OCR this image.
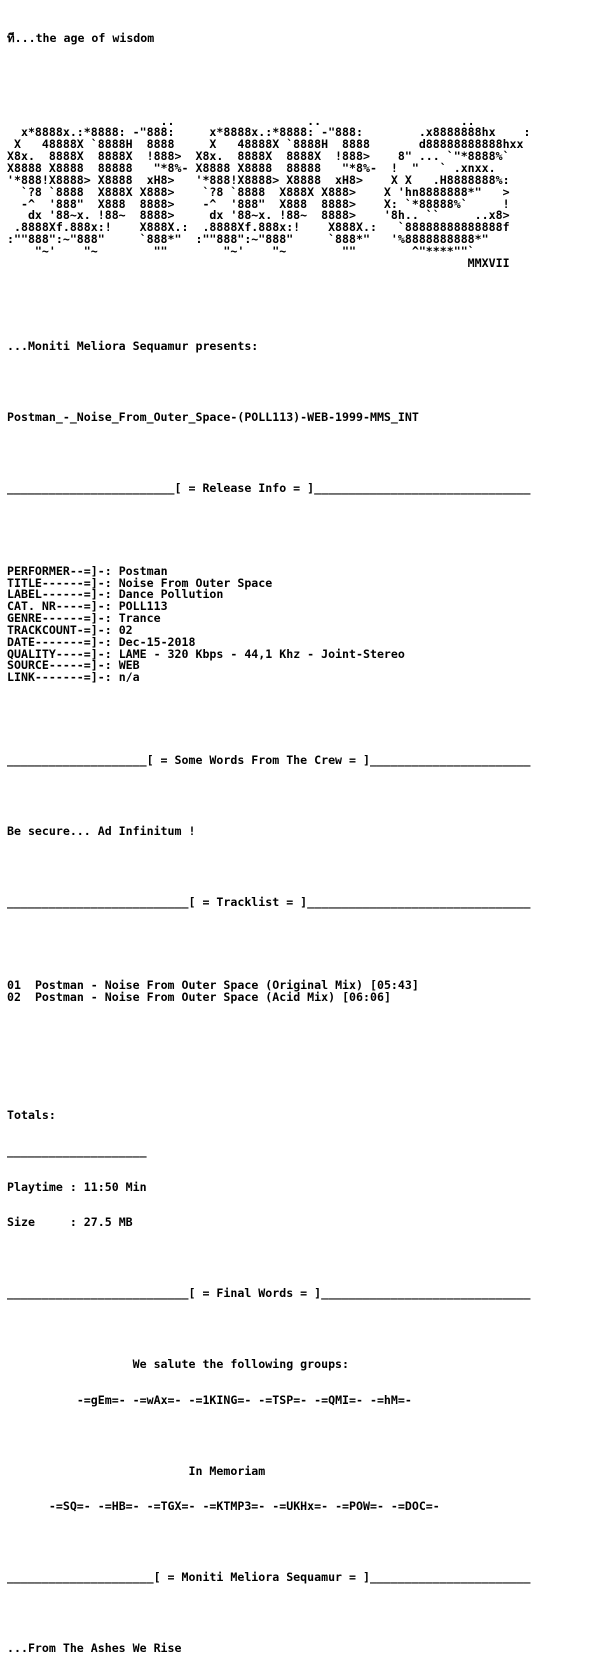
ที...the age of wisdom

..                   ..                    ..
x*8888x.:*8888: -"888:     x*8888x.:*8888: -"888:        .x8888888hx    :
X   48888X `8888H  8888     X   48888X `8888H  8888       d88888888888hxx
X8x.  8888X  8888X  !888>  X8x.  8888X  8888X  !888>    8" ... `"*8888%`
X8888 X8888  88888   "*8%- X8888 X8888  88888   "*8%-  !  "   ` .xnxx.
'*888!X8888> X8888  xH8>   '*888!X8888> X8888  xH8>    X X   .H8888888%:
`?8 `8888  X888X X888>    `?8 `8888  X888X X888>    X 'hn8888888*"   >
-^  '888"  X888  8888>    -^  '888"  X888  8888>    X: `*88888%`     !
dx '88~x. !88~  8888>     dx '88~x. !88~  8888>    '8h.. ``     ..x8>
.8888Xf.888x:!    X888X.:  .8888Xf.888x:!    X888X.:   `88888888888888f
:""888":~"888"     `888*"  :""888":~"888"     `888*"   '%8888888888*"
"~'    "~        ""        "~'    "~        ""        ^"****""`
MMXVII

...Moniti Meliora Sequamur presents:

Postman_-_Noise_From_Outer_Space-(POLL113)-WEB-1999-MMS_INT

________________________[ = Release Info = ]_______________________________

PERFORMER--=]-: Postman
TITLE------=]-: Noise From Outer Space
LABEL------=]-: Dance Pollution
CAT. NR----=]-: POLL113
GENRE------=]-: Trance
TRACKCOUNT-=]-: 02
DATE-------=]-: Dec-15-2018
QUALITY----=]-: LAME - 320 Kbps - 44,1 Khz - Joint-Stereo
SOURCE-----=]-: WEB
LINK-------=]-: n/a

____________________[ = Some Words From The Crew = ]_______________________

Be secure... Ad Infinitum !

__________________________[ = Tracklist = ]________________________________

01 Postman - Noise From Outer Space (Original Mix) [05:43]
02 Postman - Noise From Outer Space (Acid Mix) [06:06]

Totals:

____________________

Playtime : 11:50 Min

Size     : 27.5 MB

__________________________[ = Final Words = ]______________________________

We salute the following groups:

-=gEm=- -=wAx=- -=1KING=- -=TSP=- -=QMI=- -=hM=-

In Memoriam

-=SQ=- -=HB=- -=TGX=- -=KTMP3=- -=UKHx=- -=POW=- -=DOC=-

_____________________[ = Moniti Meliora Sequamur = ]_______________________

...From The Ashes We Rise
